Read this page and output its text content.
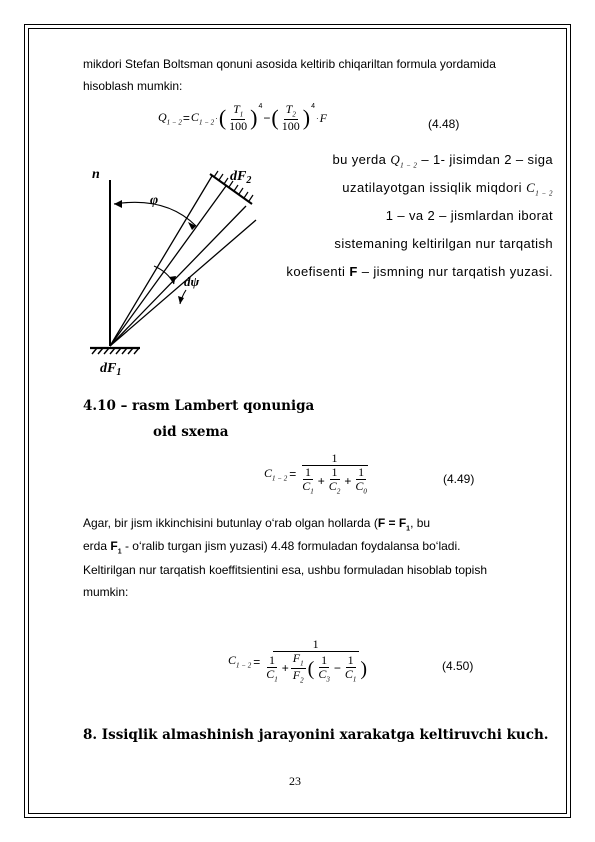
mikdori Stefan Boltsman qonuni asosida keltirib chiqariltan formula yordamida
hisoblash mumkin:
$Q_{1 - 2} = C_{1 - 2}$ · ( $\frac{T_1}{100} )^4$
− ( $\frac{T_2}{100} )^4$
· F	(4.48)
bu yerda $Q_{1 - 2} - 1-$ jisimdan 2 – siga
uzatilayotgan issiqlik miqdori $C_{1 - 2}$
1 – va 2 – jismlardan iborat
sistemaning keltirilgan nur tarqatish
koefisenti F – jismning nur tarqatish yuzasi.
n
φ
dψ
$dF_2$
$dF_1$
4.10 – rasm Lambert qonuniga
oid sxema
$C_{1 - 2} = \frac{1}{\frac{1}{C_1} + \frac{1}{C_2} + \frac{1}{C_0}}$	(4.49)
Agar, bir jism ikkinchisini butunlay o‘rab olgan hollarda ($F = F_1$, bu
erda $F_1$ - o‘ralib turgan jism yuzasi) 4.48 formuladan foydalansa bo‘ladi.
Keltirilgan nur tarqatish koeffitsientini esa, ushbu formuladan hisoblab topish
mumkin:
$C_{1 - 2}$ =
1
$\frac{1}{C_1} + \frac{F_1}{F_2}$ ( $\frac{1}{C_3} - \frac{1}{C_1}$ )	(4.50)
8. Issiqlik almashinish jarayonini xarakatga keltiruvchi kuch.
23
